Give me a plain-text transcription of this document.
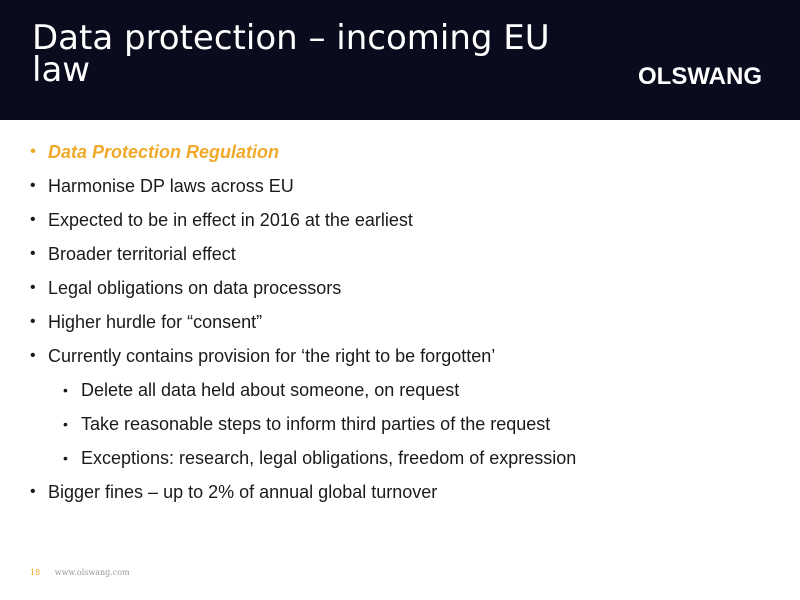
Data protection – incoming EU law	OLSWANG
• Data Protection Regulation
• Harmonise DP laws across EU
• Expected to be in effect in 2016 at the earliest
• Broader territorial effect
• Legal obligations on data processors
• Higher hurdle for “consent”
• Currently contains provision for ‘the right to be forgotten’
• Delete all data held about someone, on request
• Take reasonable steps to inform third parties of the request
• Exceptions: research, legal obligations, freedom of expression
• Bigger fines – up to 2% of annual global turnover
18 www.olswang.com
